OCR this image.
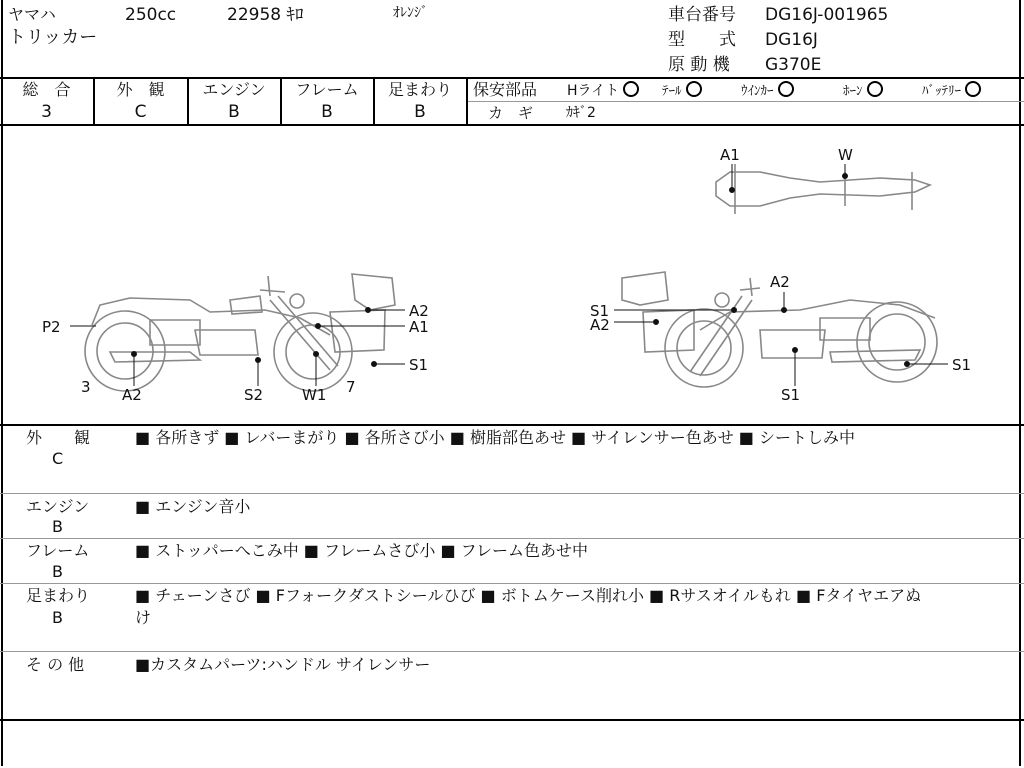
ヤマハ	250cc	22958 ｷﾛ	ｵﾚﾝｼﾞ
トリッカー
車台番号 DG16J-001965
型　　式 DG16J
原 動 機 G370E
総　合
3
外　観
C
エンジン
B
フレーム
B
足まわり
B
保安部品 Hライト	ﾃｰﾙ	ｳｲﾝｶｰ	ﾎｰﾝ	ﾊﾞｯﾃﾘｰ
カ　ギ ｶｷﾞ2
P2
3 A2	S2	W1 7
A2
A1
S1
S1
A2
A2
S1
S1
A1	W
外　　観
C
■ 各所きず ■ レバーまがり ■ 各所さび小 ■ 樹脂部色あせ ■ サイレンサー色あせ ■ シートしみ中
エンジン
B
■ エンジン音小
フレーム
B
■ ストッパーへこみ中 ■ フレームさび小 ■ フレーム色あせ中
足まわり
B
■ チェーンさび ■ Fフォークダストシールひび ■ ボトムケース削れ小 ■ Rサスオイルもれ ■ Fタイヤエアぬ
け
そ の 他	■カスタムパーツ:ハンドル サイレンサー
